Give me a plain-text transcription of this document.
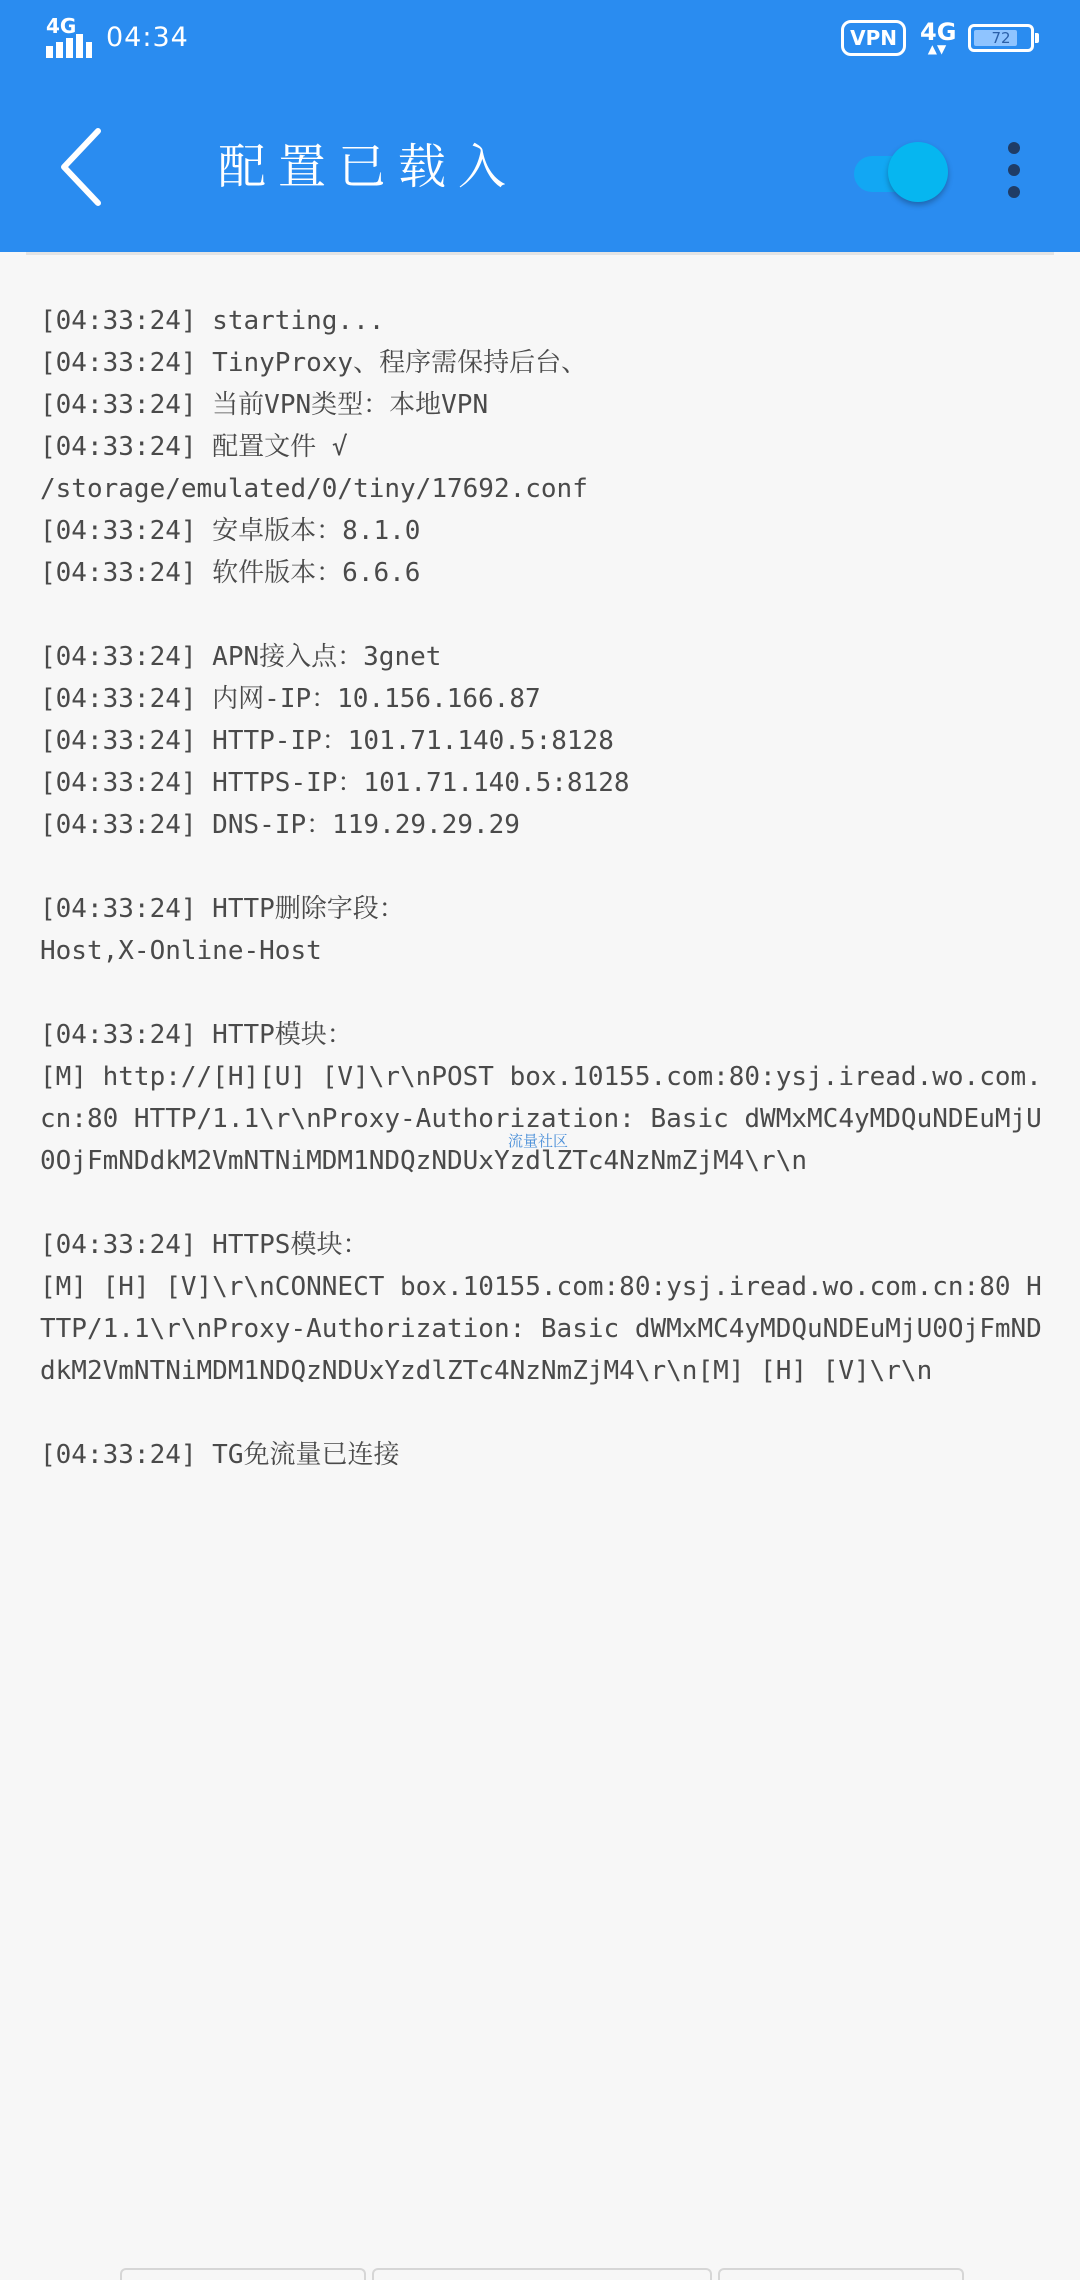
4G 04:34	VPN 4G
▲▼
72
配置已载入
[04:33:24] starting...
[04:33:24] TinyProxy、程序需保持后台、
[04:33:24] 当前VPN类型：本地VPN
[04:33:24] 配置文件 √
/storage/emulated/0/tiny/17692.conf
[04:33:24] 安卓版本：8.1.0
[04:33:24] 软件版本：6.6.6
[04:33:24] APN接入点：3gnet
[04:33:24] 内网-IP：10.156.166.87
[04:33:24] HTTP-IP：101.71.140.5:8128
[04:33:24] HTTPS-IP：101.71.140.5:8128
[04:33:24] DNS-IP：119.29.29.29
[04:33:24] HTTP删除字段：
Host,X-Online-Host
[04:33:24] HTTP模块：
[M] http://[H][U] [V]\r\nPOST box.10155.com:80:ysj.iread.wo.com.cn:80 HTTP/1.1\r\nProxy-Authorization: Basic dWMxMC4yMDQuNDEuMjU0OjFmNDdkM2VmNTNiMDM1NDQzNDUxYzdlZTc4NzNmZjM4\r\n
[04:33:24] HTTPS模块：
[M] [H] [V]\r\nCONNECT box.10155.com:80:ysj.iread.wo.com.cn:80 HTTP/1.1\r\nProxy-Authorization: Basic dWMxMC4yMDQuNDEuMjU0OjFmNDdkM2VmNTNiMDM1NDQzNDUxYzdlZTc4NzNmZjM4\r\n[M] [H] [V]\r\n
[04:33:24] TG免流量已连接
流量社区
